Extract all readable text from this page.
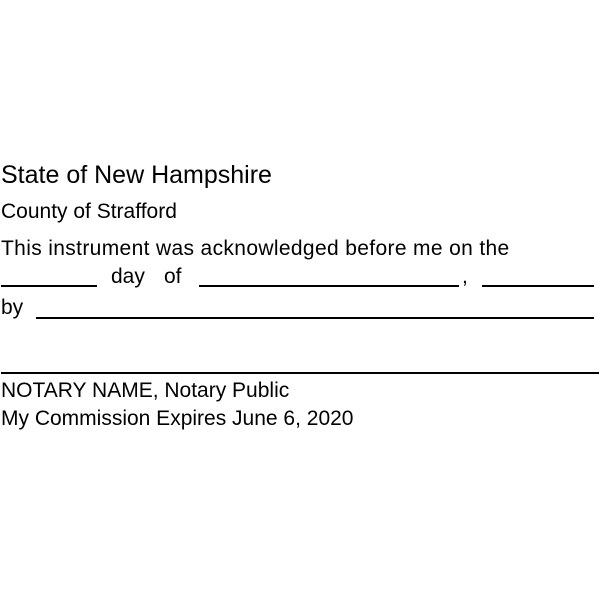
State of New Hampshire
County of Strafford
This instrument was acknowledged before me on the
day of	,
by
NOTARY NAME, Notary Public
My Commission Expires June 6, 2020
